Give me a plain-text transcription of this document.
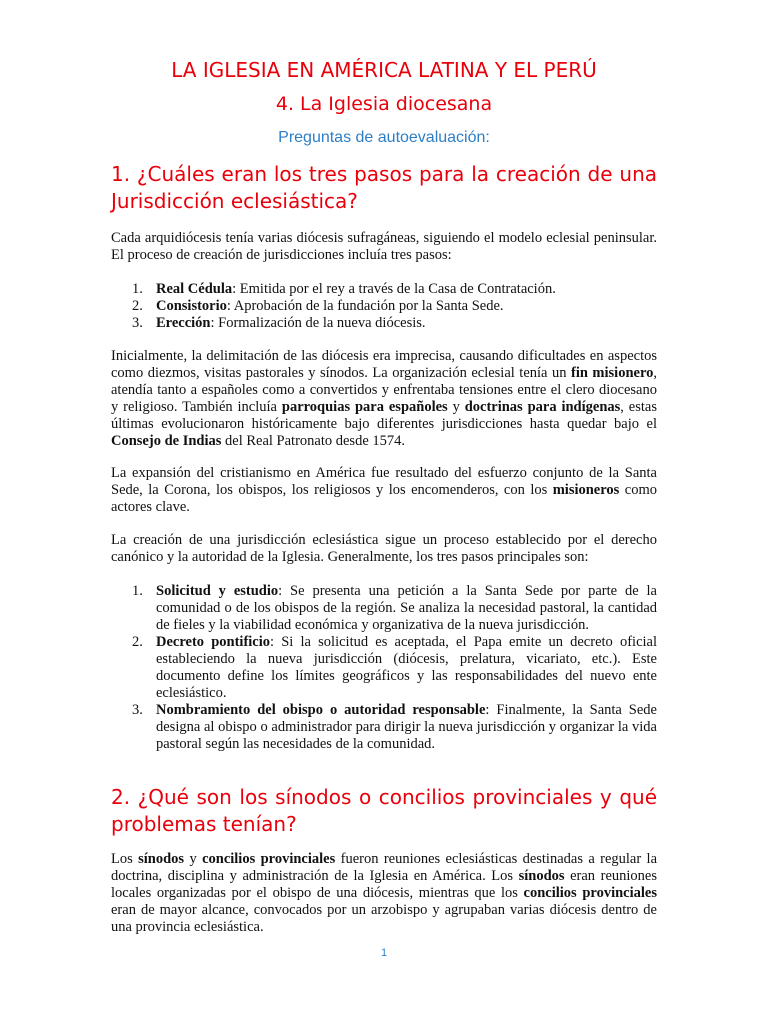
LA IGLESIA EN AMÉRICA LATINA Y EL PERÚ
4. La Iglesia diocesana
Preguntas de autoevaluación:
1. ¿Cuáles eran los tres pasos para la creación de una Jurisdicción eclesiástica?

Cada arquidiócesis tenía varias diócesis sufragáneas, siguiendo el modelo eclesial peninsular. El proceso de creación de jurisdicciones incluía tres pasos:

1. Real Cédula: Emitida por el rey a través de la Casa de Contratación.
2. Consistorio: Aprobación de la fundación por la Santa Sede.
3. Erección: Formalización de la nueva diócesis.

Inicialmente, la delimitación de las diócesis era imprecisa, causando dificultades en aspectos como diezmos, visitas pastorales y sínodos. La organización eclesial tenía un fin misionero, atendía tanto a españoles como a convertidos y enfrentaba tensiones entre el clero diocesano y religioso. También incluía parroquias para españoles y doctrinas para indígenas, estas últimas evolucionaron históricamente bajo diferentes jurisdicciones hasta quedar bajo el Consejo de Indias del Real Patronato desde 1574.

La expansión del cristianismo en América fue resultado del esfuerzo conjunto de la Santa Sede, la Corona, los obispos, los religiosos y los encomenderos, con los misioneros como actores clave.

La creación de una jurisdicción eclesiástica sigue un proceso establecido por el derecho canónico y la autoridad de la Iglesia. Generalmente, los tres pasos principales son:

1. Solicitud y estudio: Se presenta una petición a la Santa Sede por parte de la comunidad o de los obispos de la región. Se analiza la necesidad pastoral, la cantidad de fieles y la viabilidad económica y organizativa de la nueva jurisdicción.
2. Decreto pontificio: Si la solicitud es aceptada, el Papa emite un decreto oficial estableciendo la nueva jurisdicción (diócesis, prelatura, vicariato, etc.). Este documento define los límites geográficos y las responsabilidades del nuevo ente eclesiástico.
3. Nombramiento del obispo o autoridad responsable: Finalmente, la Santa Sede designa al obispo o administrador para dirigir la nueva jurisdicción y organizar la vida pastoral según las necesidades de la comunidad.
2. ¿Qué son los sínodos o concilios provinciales y qué problemas tenían?

Los sínodos y concilios provinciales fueron reuniones eclesiásticas destinadas a regular la doctrina, disciplina y administración de la Iglesia en América. Los sínodos eran reuniones locales organizadas por el obispo de una diócesis, mientras que los concilios provinciales eran de mayor alcance, convocados por un arzobispo y agrupaban varias diócesis dentro de una provincia eclesiástica.

1
